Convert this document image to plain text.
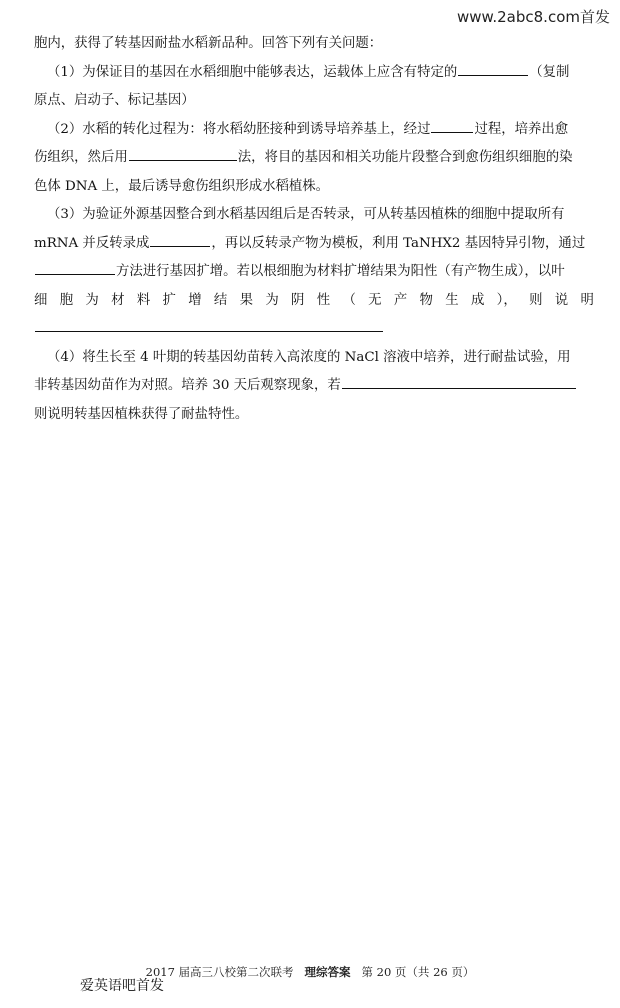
www.2abc8.com首发
胞内，获得了转基因耐盐水稻新品种。回答下列有关问题：
（1）为保证目的基因在水稻细胞中能够表达，运载体上应含有特定的	（复制
原点、启动子、标记基因）
（2）水稻的转化过程为：将水稻幼胚接种到诱导培养基上，经过	过程，培养出愈
伤组织，然后用	法，将目的基因和相关功能片段整合到愈伤组织细胞的染
色体 DNA 上，最后诱导愈伤组织形成水稻植株。
（3）为验证外源基因整合到水稻基因组后是否转录，可从转基因植株的细胞中提取所有
mRNA 并反转录成	，再以反转录产物为模板，利用 TaNHX2 基因特异引物，通过
方法进行基因扩增。若以根细胞为材料扩增结果为阳性（有产物生成），以叶
细 胞 为 材 料 扩 增 结 果 为 阴 性 （ 无 产 物 生 成 ）， 则 说 明
（4）将生长至 4 叶期的转基因幼苗转入高浓度的 NaCl 溶液中培养，进行耐盐试验，用
非转基因幼苗作为对照。培养 30 天后观察现象，若
则说明转基因植株获得了耐盐特性。
2017 届高三八校第二次联考 理综答案 第 20 页（共 26 页）
爱英语吧首发
